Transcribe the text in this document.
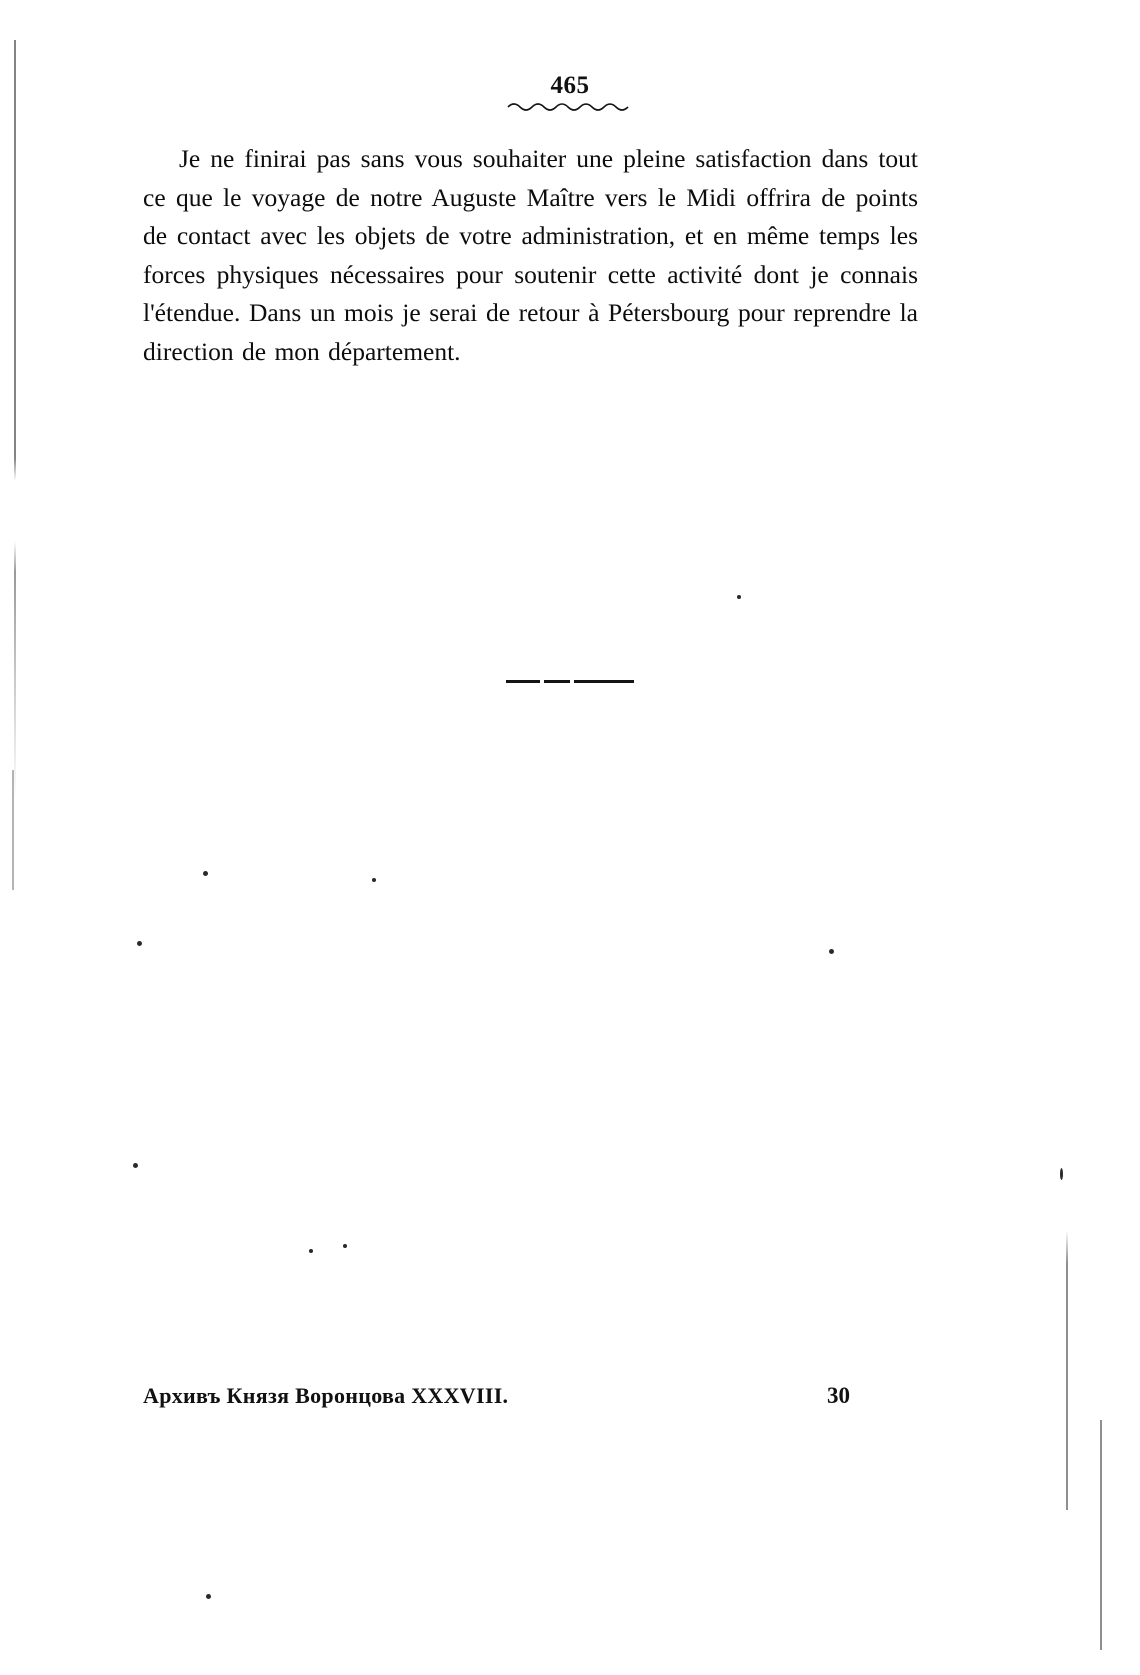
465

Je ne finirai pas sans vous souhaiter une pleine satisfaction dans tout ce que le voyage de notre Auguste Maître vers le Midi offrira de points de contact avec les objets de votre administration, et en même temps les forces physiques nécessaires pour soutenir cette activité dont je connais l'étendue. Dans un mois je serai de retour à Pétersbourg pour reprendre la direction de mon département.

Архивъ Князя Воронцова XXXVIII.	30
